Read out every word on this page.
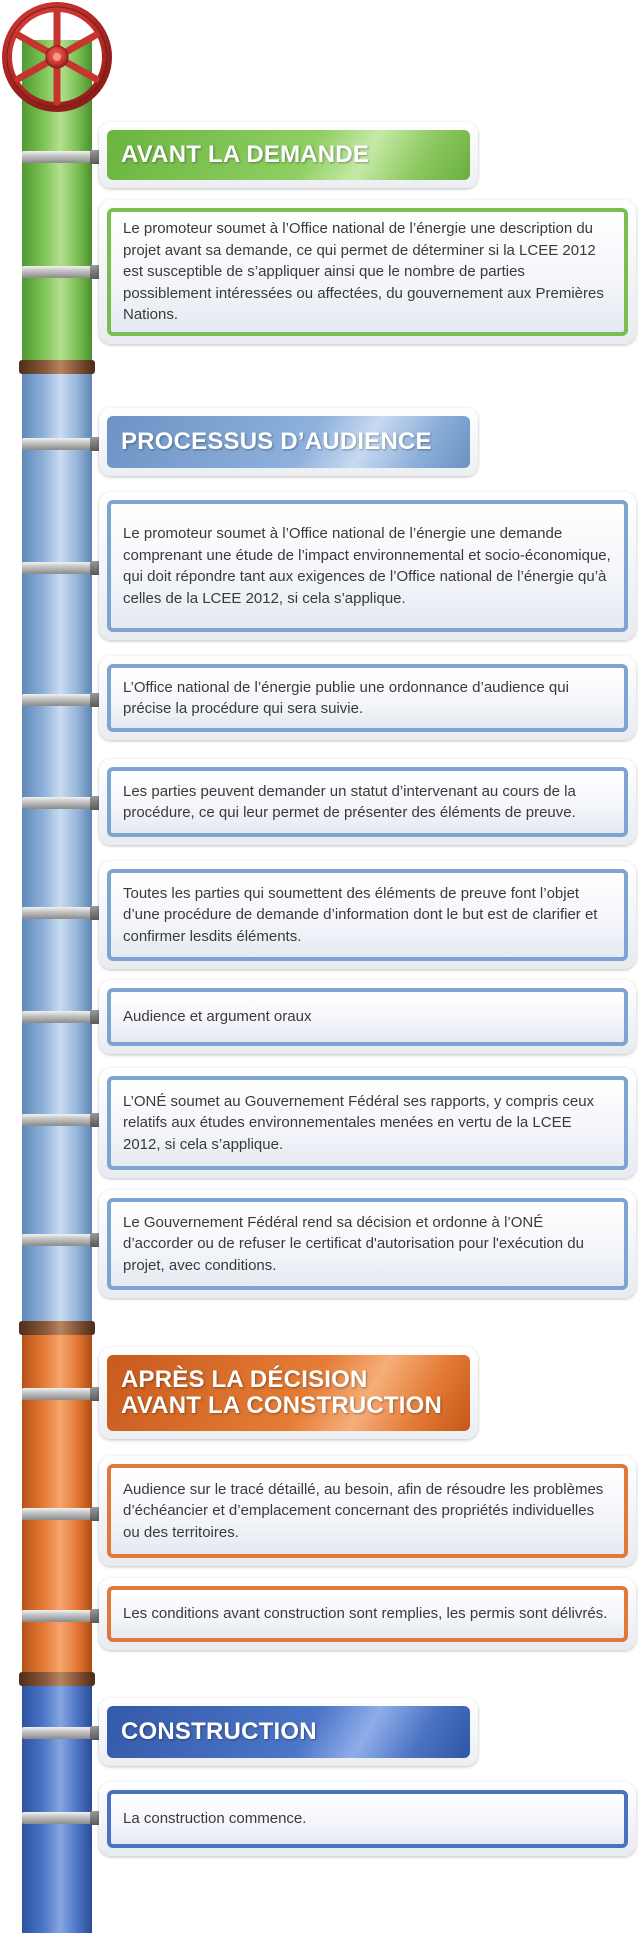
AVANT LA DEMANDE
Le promoteur soumet à l’Office national de l’énergie une description du projet avant sa demande, ce qui permet de déterminer si la LCEE 2012 est susceptible de s’appliquer ainsi que le nombre de parties possiblement intéressées ou affectées, du gouvernement aux Premières Nations.
PROCESSUS D’AUDIENCE
Le promoteur soumet à l’Office national de l’énergie une demande comprenant une étude de l’impact environnemental et socio-économique, qui doit répondre tant aux exigences de l’Office national de l’énergie qu’à celles de la LCEE 2012, si cela s’applique.
L’Office national de l’énergie publie une ordonnance d’audience qui précise la procédure qui sera suivie.
Les parties peuvent demander un statut d’intervenant au cours de la procédure, ce qui leur permet de présenter des éléments de preuve.
Toutes les parties qui soumettent des éléments de preuve font l’objet d’une procédure de demande d’information dont le but est de clarifier et confirmer lesdits éléments.
Audience et argument oraux
L’ONÉ soumet au Gouvernement Fédéral ses rapports, y compris ceux relatifs aux études environnementales menées en vertu de la LCEE 2012, si cela s’applique.
Le Gouvernement Fédéral rend sa décision et ordonne à l’ONÉ d’accorder ou de refuser le certificat d'autorisation pour l'exécution du projet, avec conditions.
APRÈS LA DÉCISION
AVANT LA CONSTRUCTION
Audience sur le tracé détaillé, au besoin, afin de résoudre les problèmes d’échéancier et d’emplacement concernant des propriétés individuelles ou des territoires.
Les conditions avant construction sont remplies, les permis sont délivrés.
CONSTRUCTION
La construction commence.
